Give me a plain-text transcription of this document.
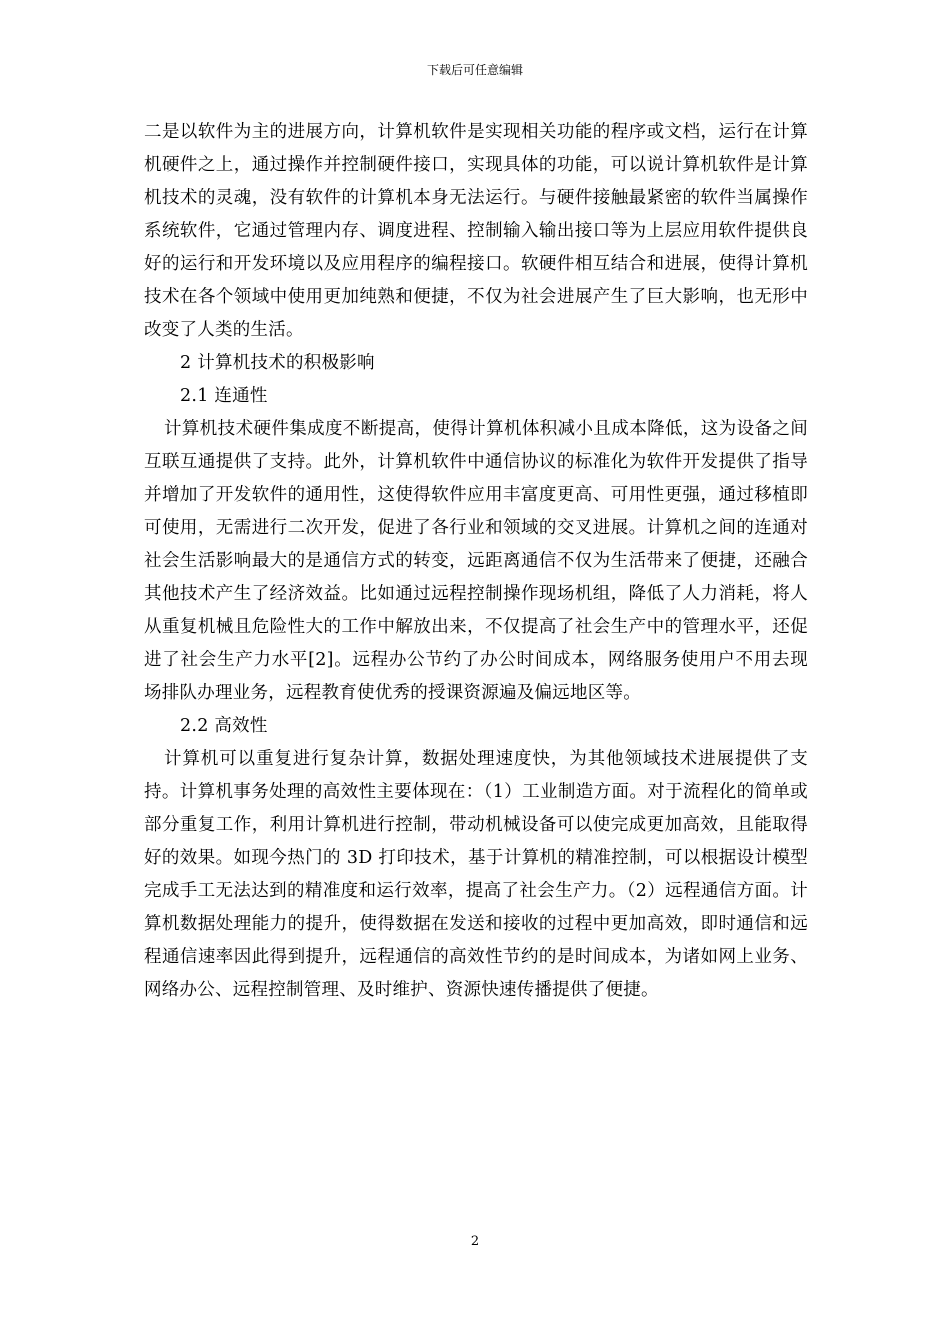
下载后可任意编辑

二是以软件为主的进展方向，计算机软件是实现相关功能的程序或文档，运行在计算机硬件之上，通过操作并控制硬件接口，实现具体的功能，可以说计算机软件是计算机技术的灵魂，没有软件的计算机本身无法运行。与硬件接触最紧密的软件当属操作系统软件，它通过管理内存、调度进程、控制输入输出接口等为上层应用软件提供良好的运行和开发环境以及应用程序的编程接口。软硬件相互结合和进展，使得计算机技术在各个领域中使用更加纯熟和便捷，不仅为社会进展产生了巨大影响，也无形中改变了人类的生活。

2 计算机技术的积极影响

2.1 连通性

计算机技术硬件集成度不断提高，使得计算机体积减小且成本降低，这为设备之间互联互通提供了支持。此外，计算机软件中通信协议的标准化为软件开发提供了指导并增加了开发软件的通用性，这使得软件应用丰富度更高、可用性更强，通过移植即可使用，无需进行二次开发，促进了各行业和领域的交叉进展。计算机之间的连通对社会生活影响最大的是通信方式的转变，远距离通信不仅为生活带来了便捷，还融合其他技术产生了经济效益。比如通过远程控制操作现场机组，降低了人力消耗，将人从重复机械且危险性大的工作中解放出来，不仅提高了社会生产中的管理水平，还促进了社会生产力水平[2]。远程办公节约了办公时间成本，网络服务使用户不用去现场排队办理业务，远程教育使优秀的授课资源遍及偏远地区等。

2.2 高效性

计算机可以重复进行复杂计算，数据处理速度快，为其他领域技术进展提供了支持。计算机事务处理的高效性主要体现在：（1）工业制造方面。对于流程化的简单或部分重复工作，利用计算机进行控制，带动机械设备可以使完成更加高效，且能取得好的效果。如现今热门的 3D 打印技术，基于计算机的精准控制，可以根据设计模型完成手工无法达到的精准度和运行效率，提高了社会生产力。（2）远程通信方面。计算机数据处理能力的提升，使得数据在发送和接收的过程中更加高效，即时通信和远程通信速率因此得到提升，远程通信的高效性节约的是时间成本，为诸如网上业务、网络办公、远程控制管理、及时维护、资源快速传播提供了便捷。

2
